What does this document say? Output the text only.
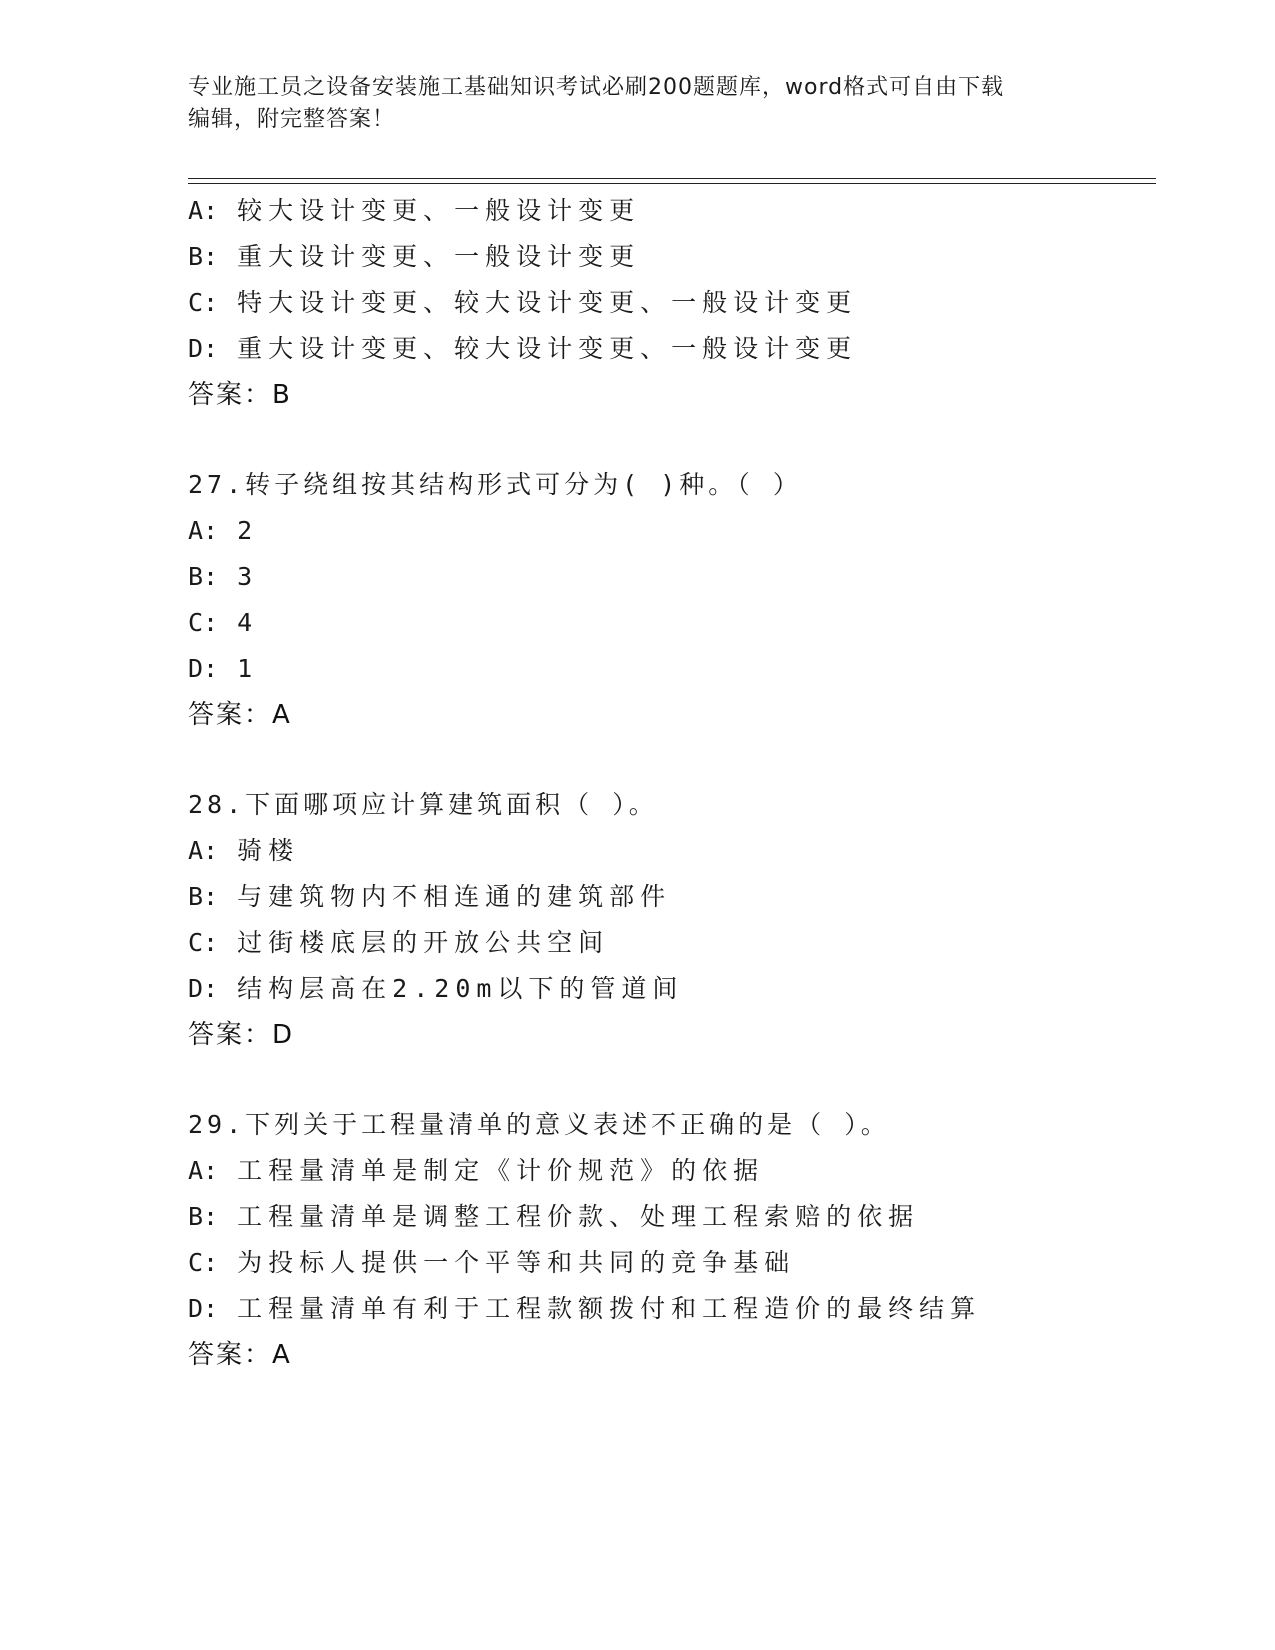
专业施工员之设备安装施工基础知识考试必刷200题题库，word格式可自由下载
编辑，附完整答案！
A: 较大设计变更、一般设计变更
B: 重大设计变更、一般设计变更
C: 特大设计变更、较大设计变更、一般设计变更
D: 重大设计变更、较大设计变更、一般设计变更
答案：B
27.转子绕组按其结构形式可分为( )种。（ ）
A: 2
B: 3
C: 4
D: 1
答案：A
28.下面哪项应计算建筑面积（ ）。
A: 骑楼
B: 与建筑物内不相连通的建筑部件
C: 过街楼底层的开放公共空间
D: 结构层高在2.20m以下的管道间
答案：D
29.下列关于工程量清单的意义表述不正确的是（ ）。
A: 工程量清单是制定《计价规范》的依据
B: 工程量清单是调整工程价款、处理工程索赔的依据
C: 为投标人提供一个平等和共同的竞争基础
D: 工程量清单有利于工程款额拨付和工程造价的最终结算
答案：A
